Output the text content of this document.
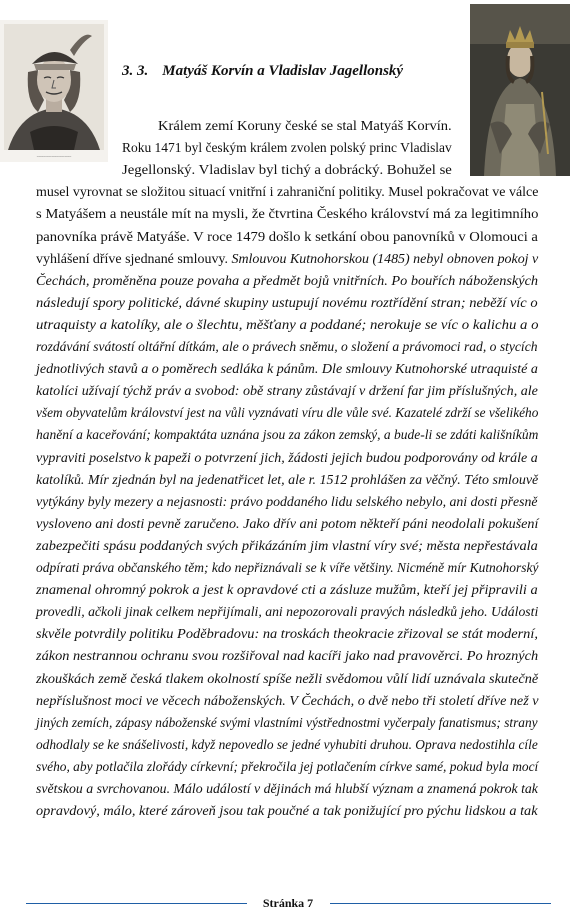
~~~~~~~~~~~~~~~~
3. 3. Matyáš Korvín a Vladislav Jagellonský
Králem zemí Koruny české se stal Matyáš Korvín.
Roku 1471 byl českým králem zvolen polský princ Vladislav
Jegellonský. Vladislav byl tichý a dobrácký. Bohužel se
musel vyrovnat se složitou situací vnitřní i zahraniční politiky. Musel pokračovat ve válce
s Matyášem a neustále mít na mysli, že čtvrtina Českého království má za legitimního
panovníka právě Matyáše. V roce 1479 došlo k setkání obou panovníků v Olomouci a
vyhlášení dříve sjednané smlouvy. Smlouvou Kutnohorskou (1485) nebyl obnoven pokoj v
Čechách, proměněna pouze povaha a předmět bojů vnitřních. Po bouřích náboženských
následují spory politické, dávné skupiny ustupují novému roztřídění stran; neběží víc o
utraquisty a katolíky, ale o šlechtu, měšťany a poddané; nerokuje se víc o kalichu a o
rozdávání svátostí oltářní dítkám, ale o právech sněmu, o složení a právomoci rad, o stycích
jednotlivých stavů a o poměrech sedláka k pánům. Dle smlouvy Kutnohorské utraquisté a
katolíci užívají týchž práv a svobod: obě strany zůstávají v držení far jim příslušných, ale
všem obyvatelům království jest na vůli vyznávati víru dle vůle své. Kazatelé zdrží se všelikého
hanění a kaceřování; kompaktáta uznána jsou za zákon zemský, a bude-li se zdáti kališníkům
vypraviti poselstvo k papeži o potvrzení jich, žádosti jejich budou podporovány od krále a
katolíků. Mír zjednán byl na jedenatřicet let, ale r. 1512 prohlášen za věčný. Této smlouvě
vytýkány byly mezery a nejasnosti: právo poddaného lidu selského nebylo, ani dosti přesně
vysloveno ani dosti pevně zaručeno. Jako dřív ani potom někteří páni neodolali pokušení
zabezpečiti spásu poddaných svých přikázáním jim vlastní víry své; města nepřestávala
odpírati práva občanského těm; kdo nepřiznávali se k víře většiny. Nicméně mír Kutnohorský
znamenal ohromný pokrok a jest k opravdové cti a zásluze mužům, kteří jej připravili a
provedli, ačkoli jinak celkem nepřijímali, ani nepozorovali pravých následků jeho. Události
skvěle potvrdily politiku Poděbradovu: na troskách theokracie zřizoval se stát moderní,
zákon nestrannou ochranu svou rozšiřoval nad kacíři jako nad pravověrci. Po hrozných
zkouškách země česká tlakem okolností spíše nežli svědomou vůlí lidí uznávala skutečně
nepříslušnost moci ve věcech náboženských. V Čechách, o dvě nebo tři století dříve než v
jiných zemích, zápasy náboženské svými vlastními výstřednostmi vyčerpaly fanatismus; strany
odhodlaly se ke snášelivosti, když nepovedlo se jedné vyhubiti druhou. Oprava nedostihla cíle
svého, aby potlačila zlořády církevní; překročila jej potlačením církve samé, pokud byla mocí
světskou a svrchovanou. Málo událostí v dějinách má hlubší význam a znamená pokrok tak
opravdový, málo, které zároveň jsou tak poučné a tak ponižující pro pýchu lidskou a tak
Stránka 7
